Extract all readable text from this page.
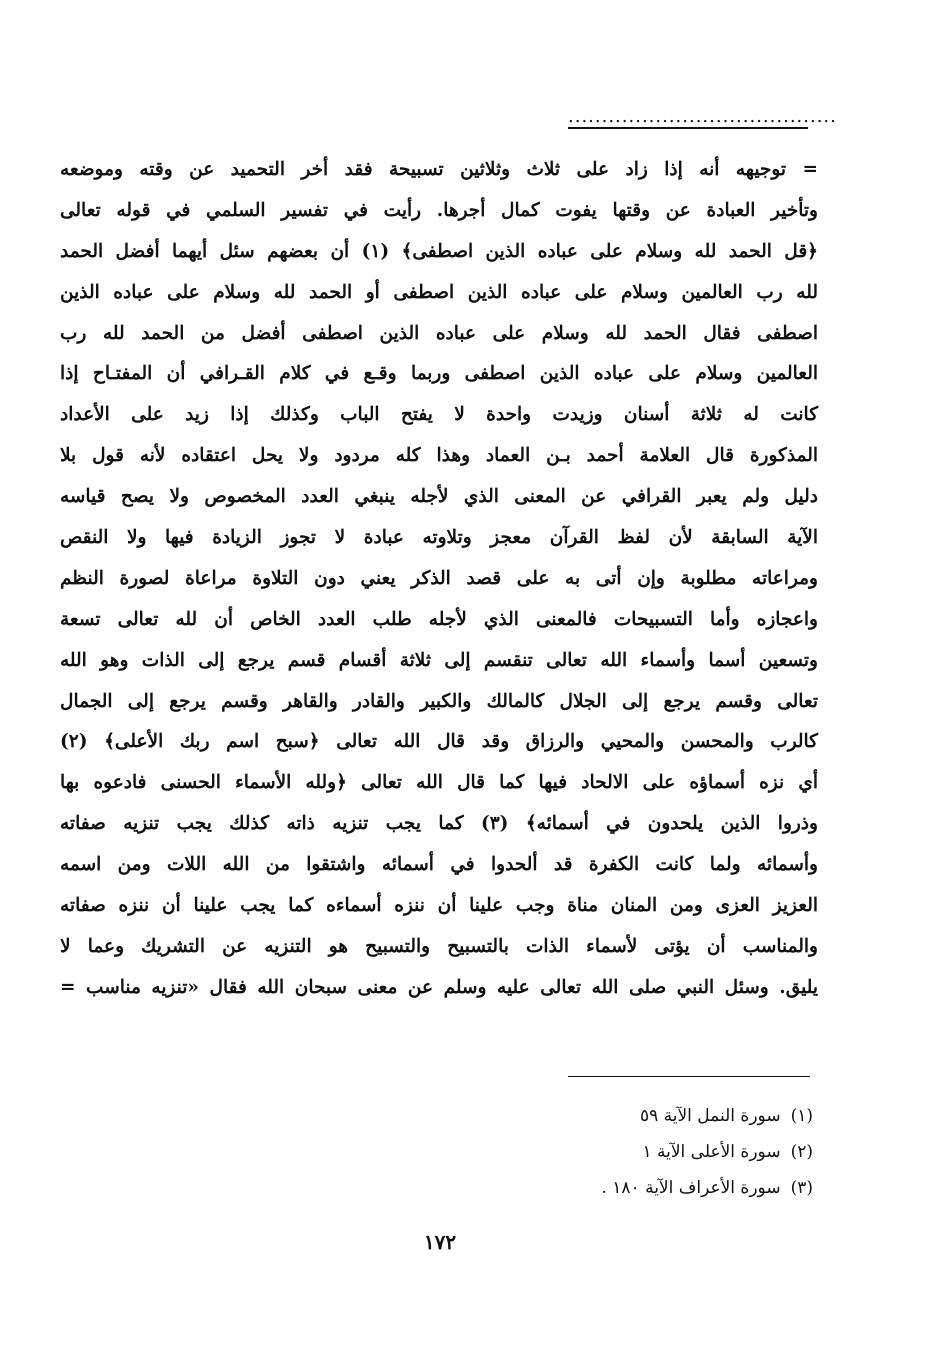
........................................
= توجيهه أنه إذا زاد على ثلاث وثلاثين تسبيحة فقد أخر التحميد عن وقته وموضعه
وتأخير العبادة عن وقتها يفوت كمال أجرها. رأيت في تفسير السلمي في قوله تعالى
﴿قل الحمد لله وسلام على عباده الذين اصطفى﴾ (١) أن بعضهم سئل أيهما أفضل الحمد
لله رب العالمين وسلام على عباده الذين اصطفى أو الحمد لله وسلام على عباده الذين
اصطفى فقال الحمد لله وسلام على عباده الذين اصطفى أفضل من الحمد لله رب
العالمين وسلام على عباده الذين اصطفى وربما وقـع في كلام القـرافي أن المفتـاح إذا
كانت له ثلاثة أسنان وزيدت واحدة لا يفتح الباب وكذلك إذا زيد على الأعداد
المذكورة قال العلامة أحمد بـن العماد وهذا كله مردود ولا يحل اعتقاده لأنه قول بلا
دليل ولم يعبر القرافي عن المعنى الذي لأجله ينبغي العدد المخصوص ولا يصح قياسه
الآية السابقة لأن لفظ القرآن معجز وتلاوته عبادة لا تجوز الزيادة فيها ولا النقص
ومراعاته مطلوبة وإن أتى به على قصد الذكر يعني دون التلاوة مراعاة لصورة النظم
واعجازه وأما التسبيحات فالمعنى الذي لأجله طلب العدد الخاص أن لله تعالى تسعة
وتسعين أسما وأسماء الله تعالى تنقسم إلى ثلاثة أقسام قسم يرجع إلى الذات وهو الله
تعالى وقسم يرجع إلى الجلال كالمالك والكبير والقادر والقاهر وقسم يرجع إلى الجمال
كالرب والمحسن والمحيي والرزاق وقد قال الله تعالى ﴿سبح اسم ربك الأعلى﴾ (٢)
أي نزه أسماؤه على الالحاد فيها كما قال الله تعالى ﴿ولله الأسماء الحسنى فادعوه بها
وذروا الذين يلحدون في أسمائه﴾ (٣) كما يجب تنزيه ذاته كذلك يجب تنزيه صفاته
وأسمائه ولما كانت الكفرة قد ألحدوا في أسمائه واشتقوا من الله اللات ومن اسمه
العزيز العزى ومن المنان مناة وجب علينا أن ننزه أسماءه كما يجب علينا أن ننزه صفاته
والمناسب أن يؤتى لأسماء الذات بالتسبيح والتسبيح هو التنزيه عن التشريك وعما لا
يليق. وسئل النبي صلى الله تعالى عليه وسلم عن معنى سبحان الله فقال «تنزيه مناسب =
(١)سورة النمل الآية ٥٩
(٢)سورة الأعلى الآية ١
(٣)سورة الأعراف الآية ١٨٠ .
١٧٢
